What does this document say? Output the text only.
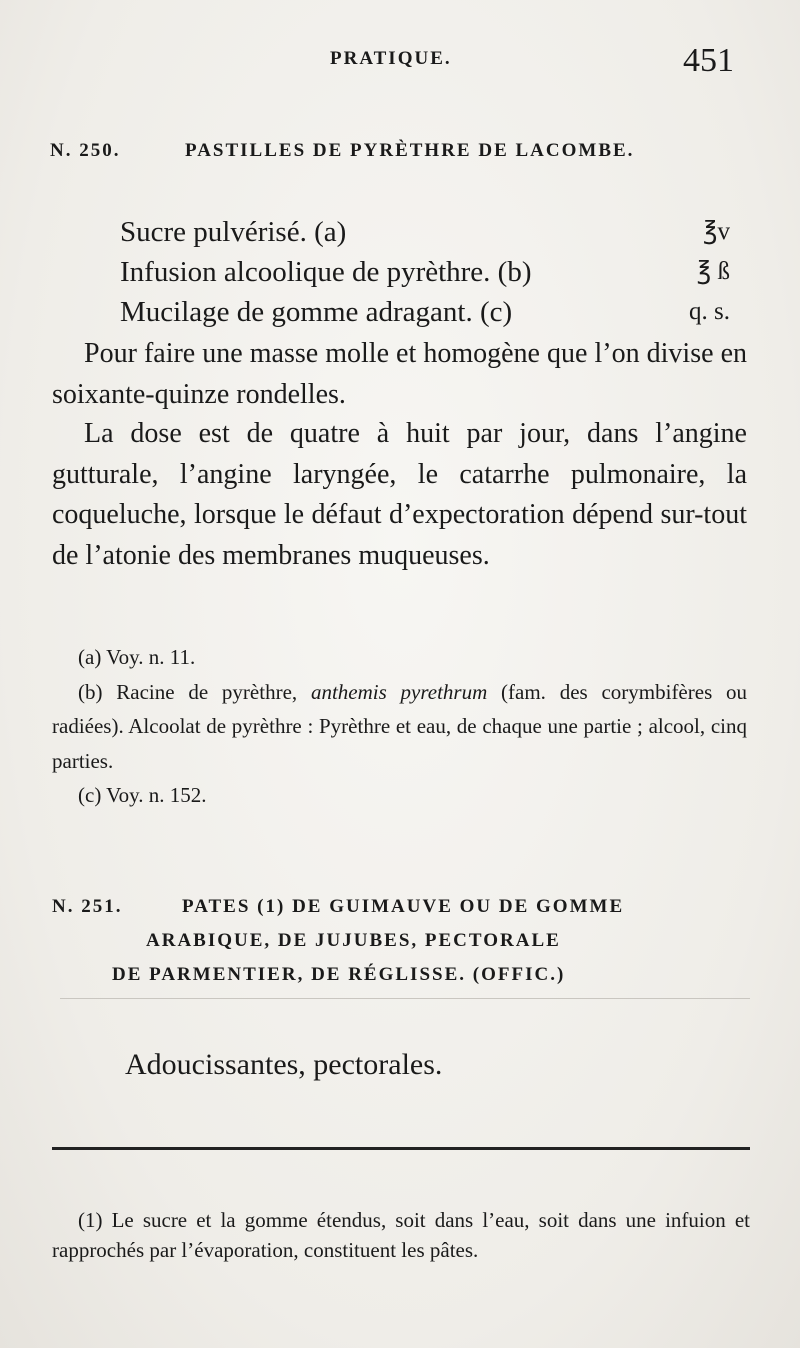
PRATIQUE.	451
N. 250.	PASTILLES DE PYRÈTHRE DE LACOMBE.
Sucre pulvérisé. (a)	℥v
Infusion alcoolique de pyrèthre. (b)	℥ ß
Mucilage de gomme adragant. (c)	q. s.
Pour faire une masse molle et homogène que l’on divise en soixante-quinze rondelles.
La dose est de quatre à huit par jour, dans l’angine gutturale, l’angine laryngée, le catarrhe pulmonaire, la coqueluche, lorsque le défaut d’expectoration dépend sur-tout de l’atonie des membranes muqueuses.

(a) Voy. n. 11.

(b) Racine de pyrèthre, anthemis pyrethrum (fam. des corymbifères ou radiées). Alcoolat de pyrèthre : Pyrèthre et eau, de chaque une partie ; alcool, cinq parties.

(c) Voy. n. 152.

N. 251.	PATES (1) DE GUIMAUVE OU DE GOMME
ARABIQUE, DE JUJUBES, PECTORALE
DE PARMENTIER, DE RÉGLISSE. (OFFIC.)
Adoucissantes, pectorales.

(1) Le sucre et la gomme étendus, soit dans l’eau, soit dans une infuion et rapprochés par l’évaporation, constituent les pâtes.
